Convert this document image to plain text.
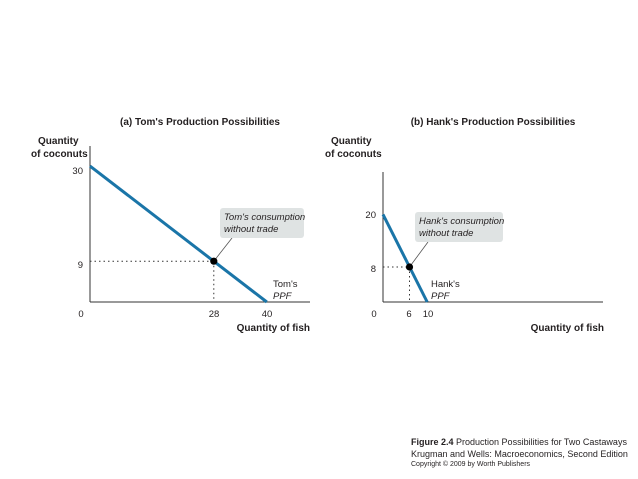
(a) Tom's Production Possibilities
Quantity
of coconuts
Tom's consumption
without trade
Tom's
PPF
30
9
0	28	40
Quantity of fish
(b) Hank's Production Possibilities
Quantity
of coconuts
Hank's consumption
without trade
Hank's
PPF
20
8
0	6 10
Quantity of fish
Figure 2.4 Production Possibilities for Two Castaways
Krugman and Wells: Macroeconomics, Second Edition
Copyright © 2009 by Worth Publishers
